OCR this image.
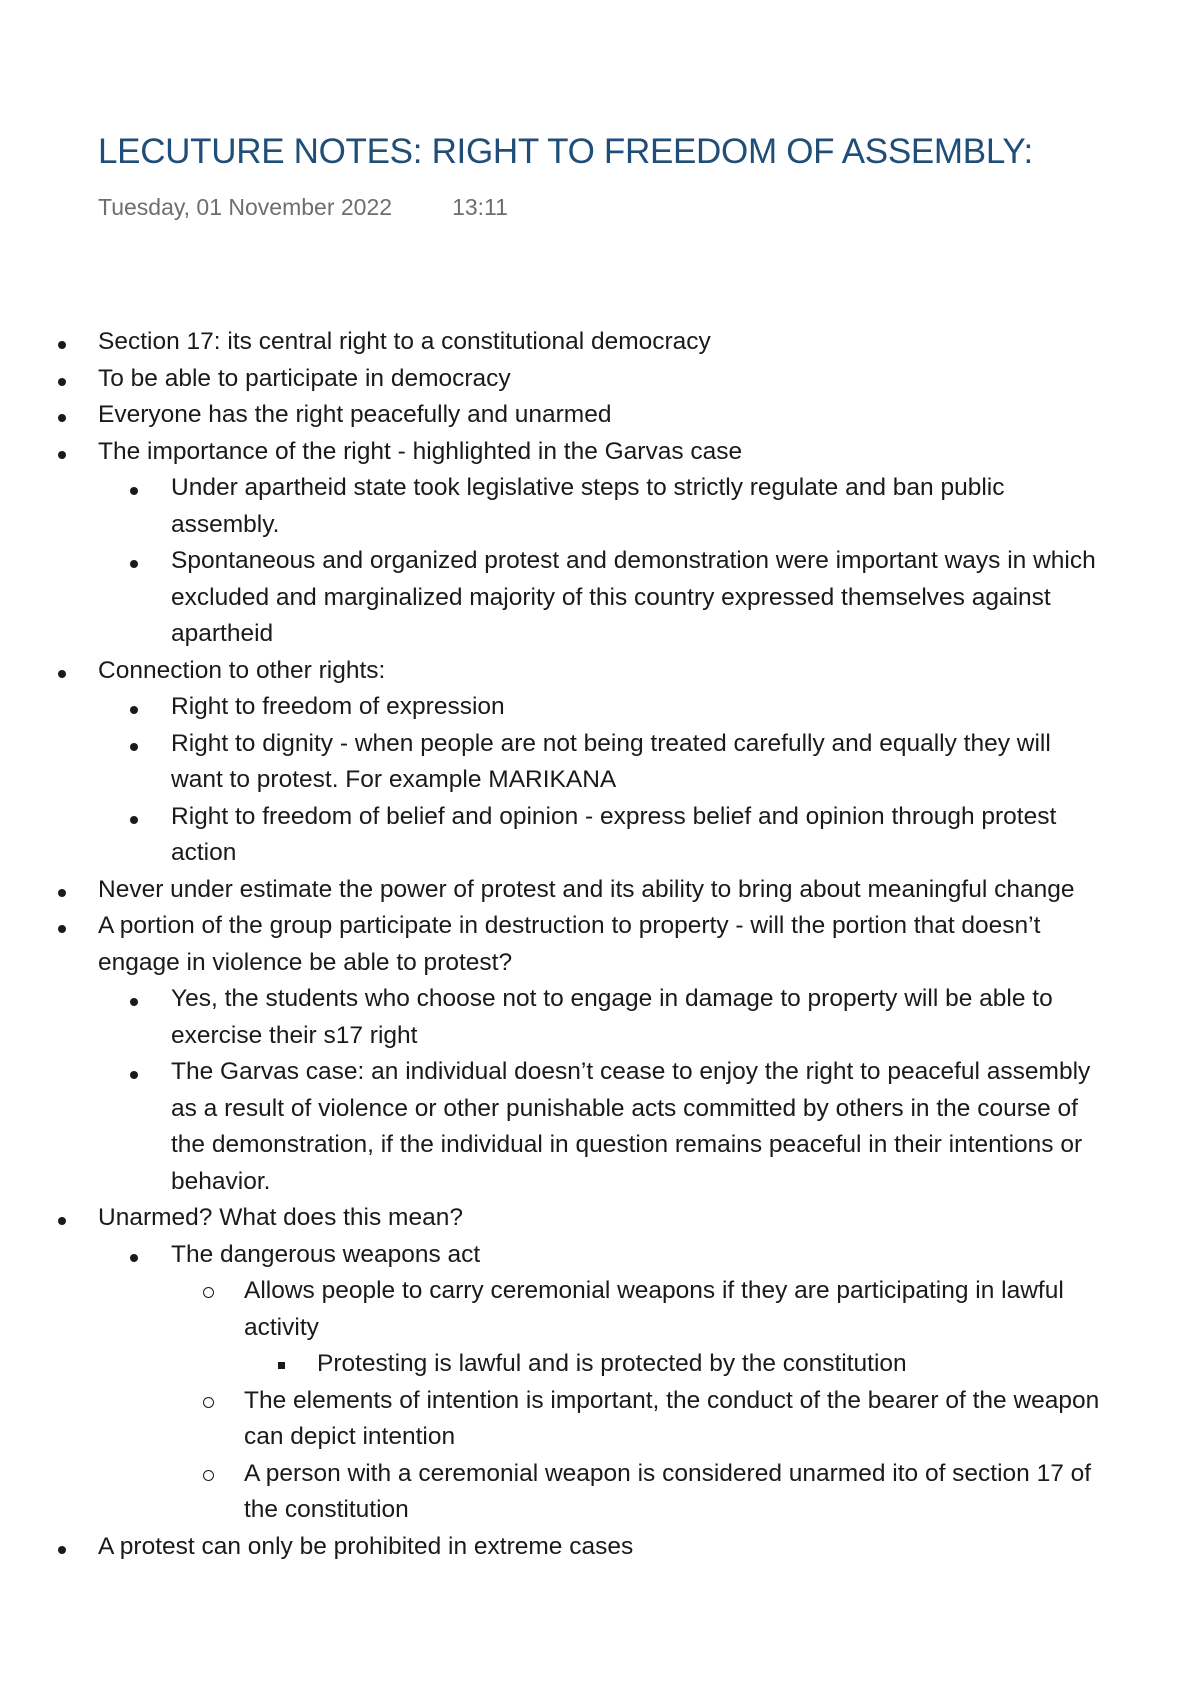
LECUTURE NOTES: RIGHT TO FREEDOM OF ASSEMBLY:
Tuesday, 01 November 2022	13:11
Section 17: its central right to a constitutional democracy
To be able to participate in democracy
Everyone has the right peacefully and unarmed
The importance of the right - highlighted in the Garvas case
Under apartheid state took legislative steps to strictly regulate and ban public assembly.
Spontaneous and organized protest and demonstration were important ways in which excluded and marginalized majority of this country expressed themselves against apartheid
Connection to other rights:
Right to freedom of expression
Right to dignity - when people are not being treated carefully and equally they will want to protest. For example MARIKANA
Right to freedom of belief and opinion - express belief and opinion through protest action
Never under estimate the power of protest and its ability to bring about meaningful change
A portion of the group participate in destruction to property - will the portion that doesn’t engage in violence be able to protest?
Yes, the students who choose not to engage in damage to property will be able to exercise their s17 right
The Garvas case: an individual doesn’t cease to enjoy the right to peaceful assembly as a result of violence or other punishable acts committed by others in the course of the demonstration, if the individual in question remains peaceful in their intentions or behavior.
Unarmed? What does this mean?
The dangerous weapons act
Allows people to carry ceremonial weapons if they are participating in lawful activity
Protesting is lawful and is protected by the constitution
The elements of intention is important, the conduct of the bearer of the weapon can depict intention
A person with a ceremonial weapon is considered unarmed ito of section 17 of the constitution
A protest can only be prohibited in extreme cases
